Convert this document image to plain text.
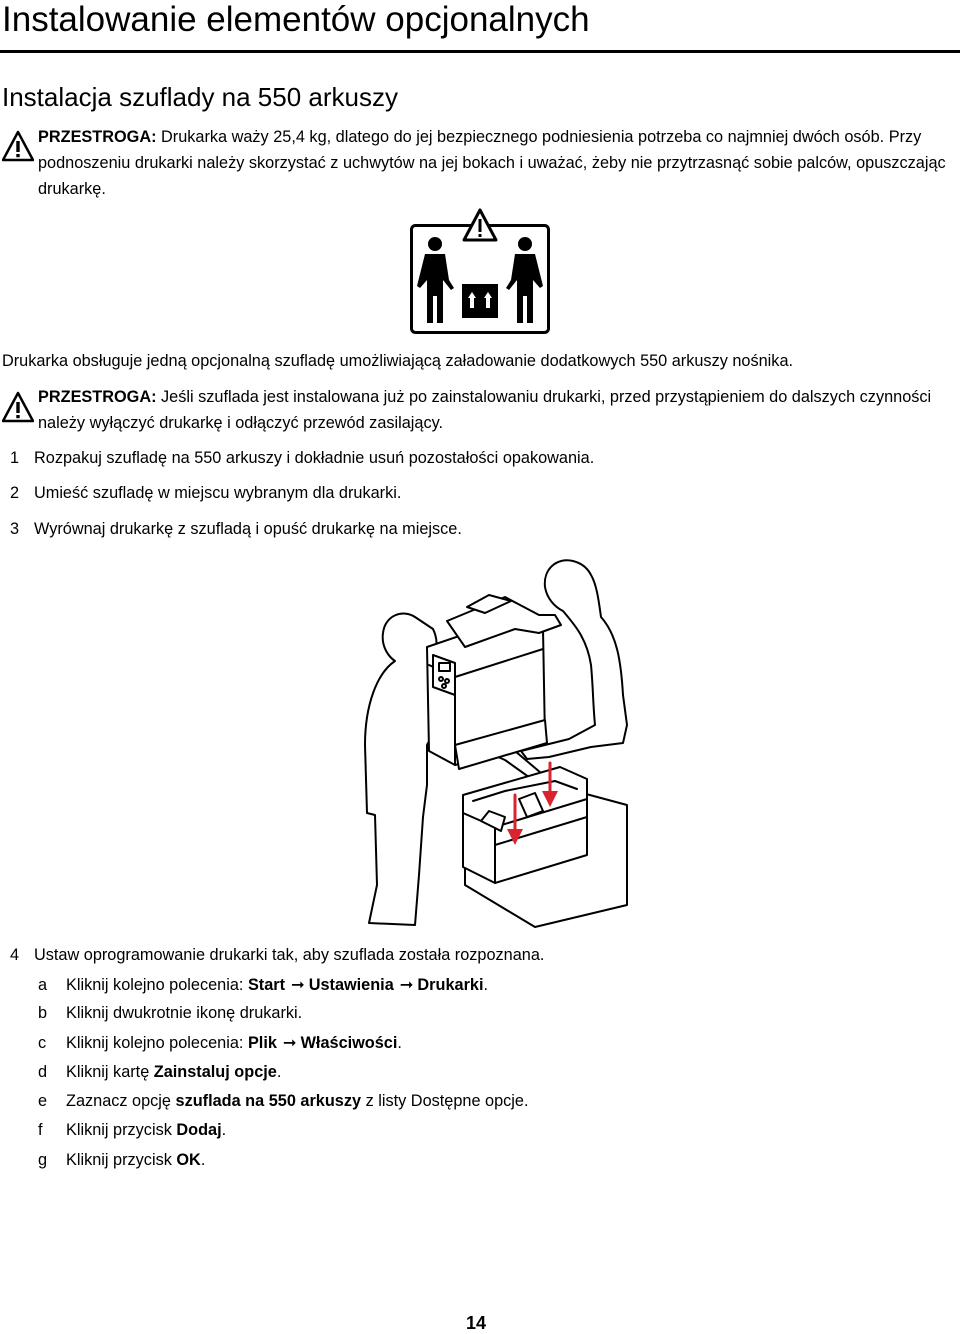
Instalowanie elementów opcjonalnych
Instalacja szuflady na 550 arkuszy
PRZESTROGA: Drukarka waży 25,4 kg, dlatego do jej bezpiecznego podniesienia potrzeba co najmniej dwóch osób. Przy podnoszeniu drukarki należy skorzystać z uchwytów na jej bokach i uważać, żeby nie przytrzasnąć sobie palców, opuszczając drukarkę.
Drukarka obsługuje jedną opcjonalną szufladę umożliwiającą załadowanie dodatkowych 550 arkuszy nośnika.
PRZESTROGA: Jeśli szuflada jest instalowana już po zainstalowaniu drukarki, przed przystąpieniem do dalszych czynności należy wyłączyć drukarkę i odłączyć przewód zasilający.
1 Rozpakuj szufladę na 550 arkuszy i dokładnie usuń pozostałości opakowania.
2 Umieść szufladę w miejscu wybranym dla drukarki.
3 Wyrównaj drukarkę z szufladą i opuść drukarkę na miejsce.
4 Ustaw oprogramowanie drukarki tak, aby szuflada została rozpoznana.
a Kliknij kolejno polecenia: Start ➞ Ustawienia ➞ Drukarki.
b Kliknij dwukrotnie ikonę drukarki.
c Kliknij kolejno polecenia: Plik ➞ Właściwości.
d Kliknij kartę Zainstaluj opcje.
e Zaznacz opcję szuflada na 550 arkuszy z listy Dostępne opcje.
f Kliknij przycisk Dodaj.
g Kliknij przycisk OK.
14
